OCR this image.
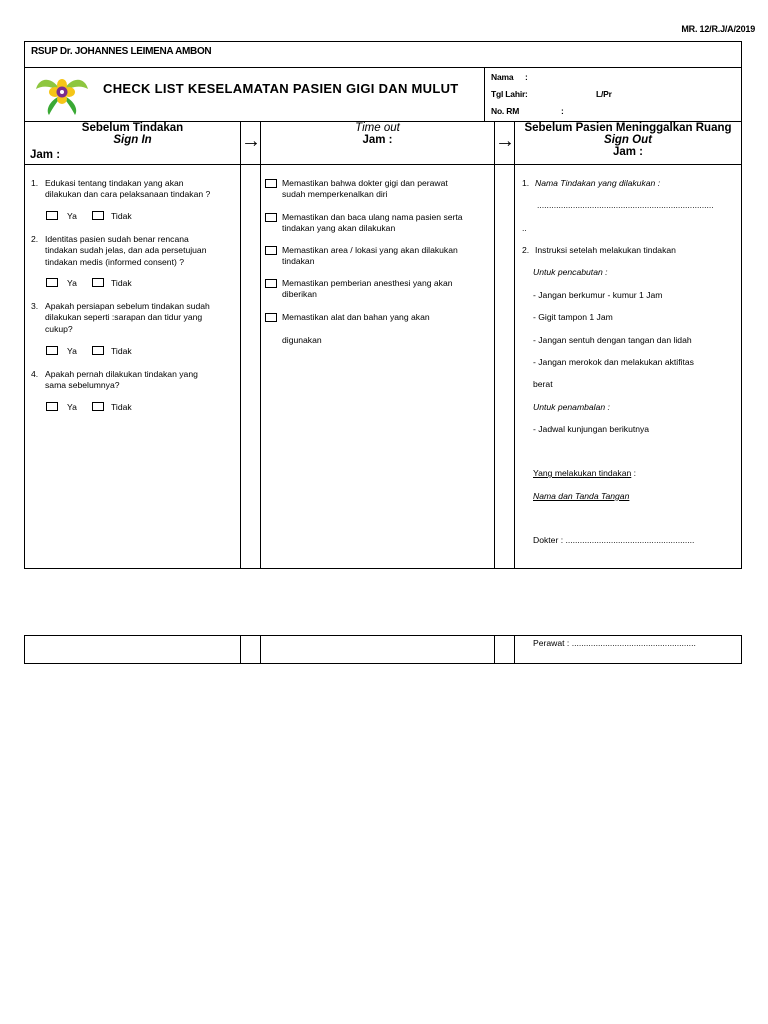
MR. 12/R.J/A/2019
RSUP Dr. JOHANNES LEIMENA AMBON
CHECK LIST KESELAMATAN PASIEN GIGI DAN MULUT
Nama :
Tgl Lahir :	L/Pr
No. RM	:
Sebelum Tindakan
Sign In
Jam :
→
Time out
Jam :	→
Sebelum Pasien Meninggalkan Ruang
Sign Out
Jam :
1. Edukasi tentang tindakan yang akan
dilakukan dan cara pelaksanaan tindakan ?
Ya	Tidak
2. Identitas pasien sudah benar rencana
tindakan sudah jelas, dan ada persetujuan
tindakan medis (informed consent) ?
Ya	Tidak
3. Apakah persiapan sebelum tindakan sudah
dilakukan seperti :sarapan dan tidur yang
cukup?
Ya	Tidak
4. Apakah pernah dilakukan tindakan yang
sama sebelumnya?
Ya	Tidak
Memastikan bahwa dokter gigi dan perawat
sudah memperkenalkan diri
Memastikan dan baca ulang nama pasien serta
tindakan yang akan dilakukan
Memastikan area / lokasi yang akan dilakukan
tindakan
Memastikan pemberian anesthesi yang akan
diberikan
Memastikan alat dan bahan yang akan
digunakan
1. Nama Tindakan yang dilakukan :
..........................................................................
..
2. Instruksi setelah melakukan tindakan
Untuk pencabutan :
- Jangan berkumur - kumur 1 Jam
- Gigit tampon 1 Jam
- Jangan sentuh dengan tangan dan lidah
- Jangan merokok dan melakukan aktifitas
berat
Untuk penambalan :
- Jadwal kunjungan berikutnya
Yang melakukan tindakan :
Nama dan Tanda Tangan
Dokter : ......................................................
Perawat : ....................................................
